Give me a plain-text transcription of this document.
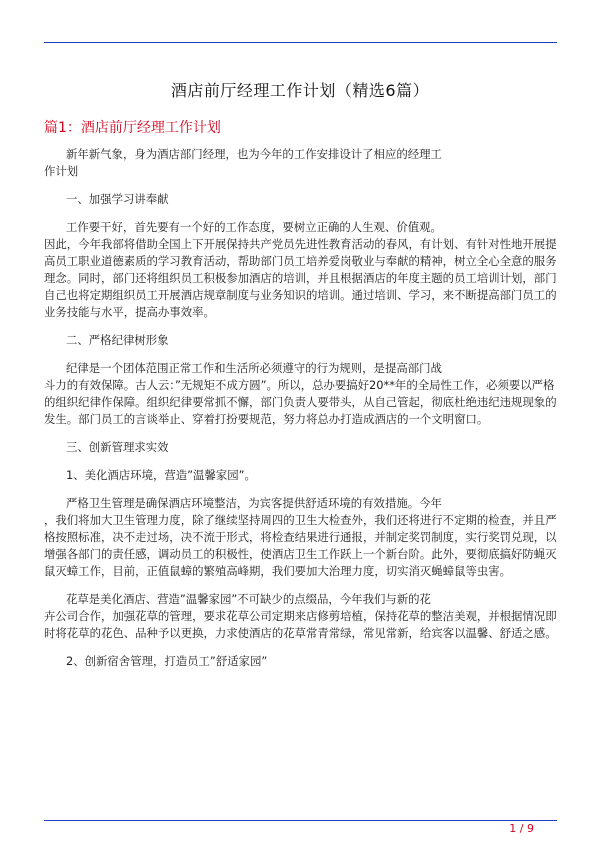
酒店前厅经理工作计划（精选6篇）
篇1：酒店前厅经理工作计划

新年新气象，身为酒店部门经理，也为今年的工作安排设计了相应的经理工

作计划

一、加强学习讲奉献

工作要干好，首先要有一个好的工作态度，要树立正确的人生观、价值观。

因此，今年我部将借助全国上下开展保持共产党员先进性教育活动的春风，有计划、有针对性地开展提高员工职业道德素质的学习教育活动，帮助部门员工培养爱岗敬业与奉献的精神，树立全心全意的服务理念。同时，部门还将组织员工积极参加酒店的培训，并且根据酒店的年度主题的员工培训计划，部门自己也将定期组织员工开展酒店规章制度与业务知识的培训。通过培训、学习，来不断提高部门员工的业务技能与水平，提高办事效率。

二、严格纪律树形象

纪律是一个团体范围正常工作和生活所必须遵守的行为规则，是提高部门战

斗力的有效保障。古人云：”无规矩不成方圆”。所以，总办要搞好20**年的全局性工作，必须要以严格的组织纪律作保障。组织纪律要常抓不懈，部门负责人要带头，从自己管起，彻底杜绝违纪违规现象的发生。部门员工的言谈举止、穿着打扮要规范，努力将总办打造成酒店的一个文明窗口。

三、创新管理求实效

1、美化酒店环境，营造”温馨家园”。

严格卫生管理是确保酒店环境整洁，为宾客提供舒适环境的有效措施。今年

，我们将加大卫生管理力度，除了继续坚持周四的卫生大检查外，我们还将进行不定期的检查，并且严格按照标准，决不走过场，决不流于形式，将检查结果进行通报，并制定奖罚制度，实行奖罚兑现，以增强各部门的责任感，调动员工的积极性，使酒店卫生工作跃上一个新台阶。此外，要彻底搞好防蝇灭鼠灭蟑工作，目前，正值鼠蟑的繁殖高峰期，我们要加大治理力度，切实消灭蝇蟑鼠等虫害。

花草是美化酒店、营造”温馨家园”不可缺少的点缀品，今年我们与新的花

卉公司合作，加强花草的管理，要求花草公司定期来店修剪培植，保持花草的整洁美观，并根据情况即时将花草的花色、品种予以更换，力求使酒店的花草常青常绿，常见常新，给宾客以温馨、舒适之感。

2、创新宿舍管理，打造员工”舒适家园”

1 / 9
